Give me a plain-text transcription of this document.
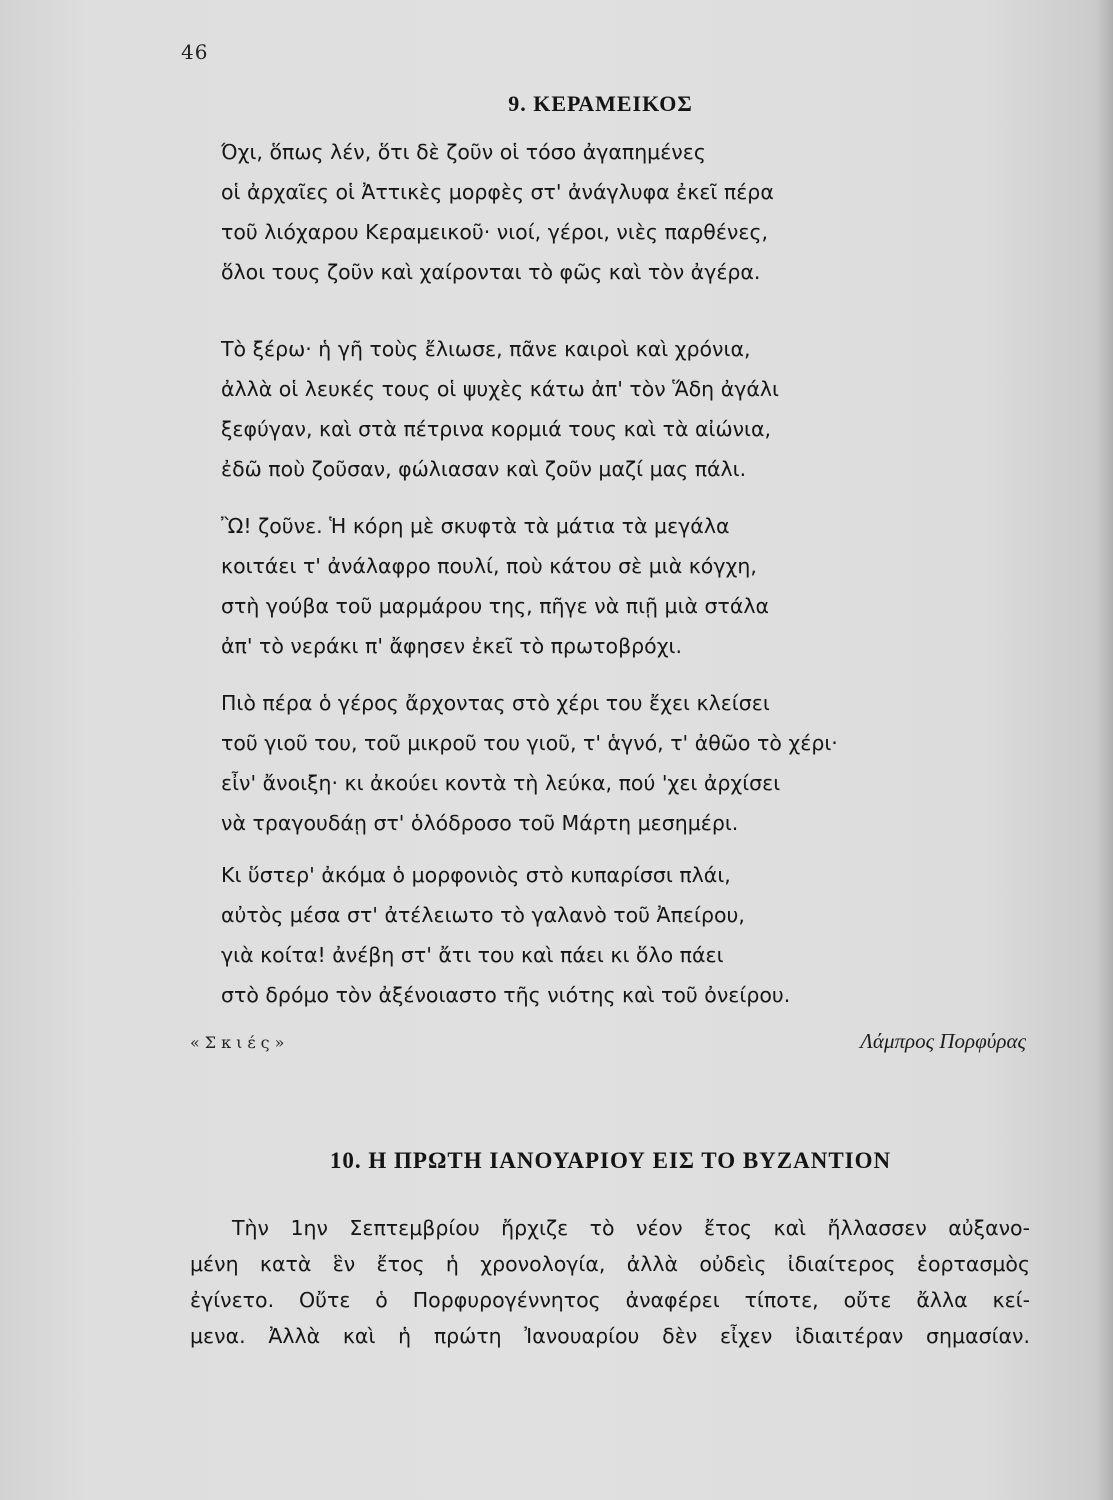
46
9. ΚΕΡΑΜΕΙΚΟΣ
Όχι, ὅπως λέν, ὅτι δὲ ζοῦν οἱ τόσο ἀγαπημένες
οἱ ἀρχαῖες οἱ Ἀττικὲς μορφὲς στ' ἀνάγλυφα ἐκεῖ πέρα
τοῦ λιόχαρου Κεραμεικοῦ· νιοί, γέροι, νιὲς παρθένες,
ὅλοι τους ζοῦν καὶ χαίρονται τὸ φῶς καὶ τὸν ἀγέρα.
Τὸ ξέρω· ἡ γῆ τοὺς ἔλιωσε, πᾶνε καιροὶ καὶ χρόνια,
ἀλλὰ οἱ λευκές τους οἱ ψυχὲς κάτω ἀπ' τὸν Ἅδη ἀγάλι
ξεφύγαν, καὶ στὰ πέτρινα κορμιά τους καὶ τὰ αἰώνια,
ἐδῶ ποὺ ζοῦσαν, φώλιασαν καὶ ζοῦν μαζί μας πάλι.
Ὢ! ζοῦνε. Ἡ κόρη μὲ σκυφτὰ τὰ μάτια τὰ μεγάλα
κοιτάει τ' ἀνάλαφρο πουλί, ποὺ κάτου σὲ μιὰ κόγχη,
στὴ γούβα τοῦ μαρμάρου της, πῆγε νὰ πιῇ μιὰ στάλα
ἀπ' τὸ νεράκι π' ἄφησεν ἐκεῖ τὸ πρωτοβρόχι.
Πιὸ πέρα ὁ γέρος ἄρχοντας στὸ χέρι του ἔχει κλείσει
τοῦ γιοῦ του, τοῦ μικροῦ του γιοῦ, τ' ἁγνό, τ' ἀθῶο τὸ χέρι·
εἶν' ἄνοιξη· κι ἀκούει κοντὰ τὴ λεύκα, πού 'χει ἀρχίσει
νὰ τραγουδάῃ στ' ὁλόδροσο τοῦ Μάρτη μεσημέρι.
Κι ὕστερ' ἀκόμα ὁ μορφονιὸς στὸ κυπαρίσσι πλάι,
αὐτὸς μέσα στ' ἀτέλειωτο τὸ γαλανὸ τοῦ Ἀπείρου,
γιὰ κοίτα! ἀνέβη στ' ἄτι του καὶ πάει κι ὅλο πάει
στὸ δρόμο τὸν ἀξένοιαστο τῆς νιότης καὶ τοῦ ὀνείρου.
«Σκιές»	Λάμπρος Πορφύρας
10. Η ΠΡΩΤΗ ΙΑΝΟΥΑΡΙΟΥ ΕΙΣ ΤΟ ΒΥΖΑΝΤΙΟΝ
Τὴν 1ην Σεπτεμβρίου ἤρχιζε τὸ νέον ἔτος καὶ ἤλλασσεν αὐξανο-
μένη κατὰ ἓν ἔτος ἡ χρονολογία, ἀλλὰ οὐδεὶς ἰδιαίτερος ἑορτασμὸς
ἐγίνετο. Οὔτε ὁ Πορφυρογέννητος ἀναφέρει τίποτε, οὔτε ἄλλα κεί-
μενα. Ἀλλὰ καὶ ἡ πρώτη Ἰανουαρίου δὲν εἶχεν ἰδιαιτέραν σημασίαν.
